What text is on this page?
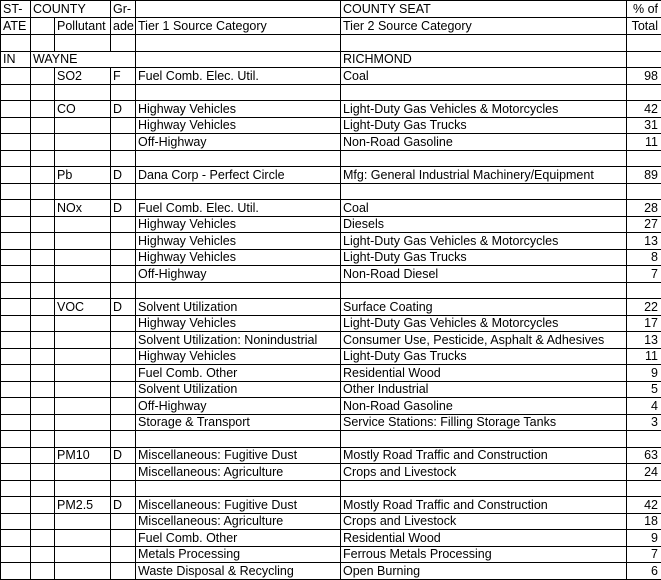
ST-	COUNTY		Gr-		COUNTY SEAT	% of
ATE		Pollutant	ade	Tier 1 Source Category	Tier 2 Source Category	Total

IN	WAYNE				RICHMOND	
		SO2	F	Fuel Comb. Elec. Util.	Coal	98

		CO	D	Highway Vehicles	Light-Duty Gas Vehicles & Motorcycles	42
				Highway Vehicles	Light-Duty Gas Trucks	31
				Off-Highway	Non-Road Gasoline	11

		Pb	D	Dana Corp - Perfect Circle	Mfg: General Industrial Machinery/Equipment	89

		NOx	D	Fuel Comb. Elec. Util.	Coal	28
				Highway Vehicles	Diesels	27
				Highway Vehicles	Light-Duty Gas Vehicles & Motorcycles	13
				Highway Vehicles	Light-Duty Gas Trucks	8
				Off-Highway	Non-Road Diesel	7

		VOC	D	Solvent Utilization	Surface Coating	22
				Highway Vehicles	Light-Duty Gas Vehicles & Motorcycles	17
				Solvent Utilization: Nonindustrial	Consumer Use, Pesticide, Asphalt & Adhesives	13
				Highway Vehicles	Light-Duty Gas Trucks	11
				Fuel Comb. Other	Residential Wood	9
				Solvent Utilization	Other Industrial	5
				Off-Highway	Non-Road Gasoline	4
				Storage & Transport	Service Stations: Filling Storage Tanks	3

		PM10	D	Miscellaneous: Fugitive Dust	Mostly Road Traffic and Construction	63
				Miscellaneous: Agriculture	Crops and Livestock	24

		PM2.5	D	Miscellaneous: Fugitive Dust	Mostly Road Traffic and Construction	42
				Miscellaneous: Agriculture	Crops and Livestock	18
				Fuel Comb. Other	Residential Wood	9
				Metals Processing	Ferrous Metals Processing	7
				Waste Disposal & Recycling	Open Burning	6
